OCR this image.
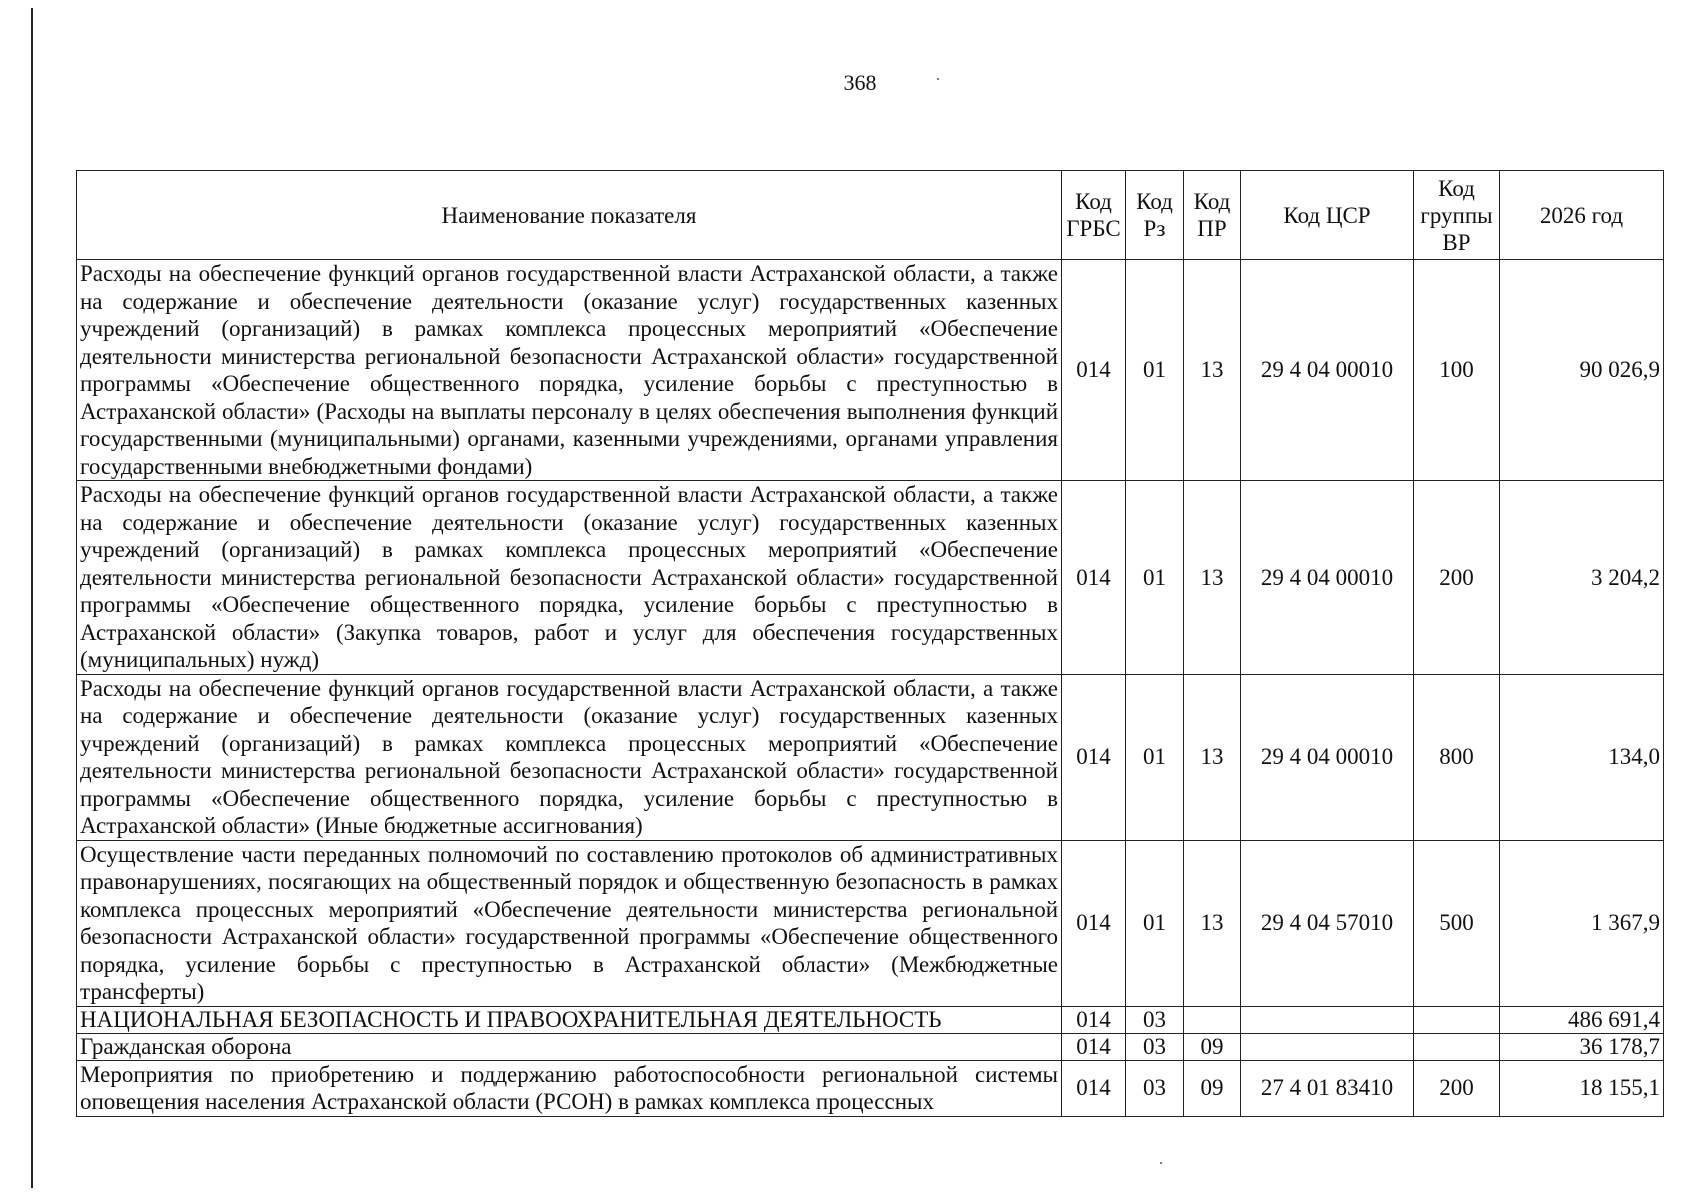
368
Наименование показателя	Код ГРБС	Код Рз	Код ПР	Код ЦСР	Код группы ВР	2026 год
Расходы на обеспечение функций органов государственной власти Астраханской области, а также на содержание и обеспечение деятельности (оказание услуг) государственных казенных учреждений (организаций) в рамках комплекса процессных мероприятий «Обеспечение деятельности министерства региональной безопасности Астраханской области» государственной программы «Обеспечение общественного порядка, усиление борьбы с преступностью в Астраханской области» (Расходы на выплаты персоналу в целях обеспечения выполнения функций государственными (муниципальными) органами, казенными учреждениями, органами управления государственными внебюджетными фондами)	014	01	13	29 4 04 00010	100	90 026,9
Расходы на обеспечение функций органов государственной власти Астраханской области, а также на содержание и обеспечение деятельности (оказание услуг) государственных казенных учреждений (организаций) в рамках комплекса процессных мероприятий «Обеспечение деятельности министерства региональной безопасности Астраханской области» государственной программы «Обеспечение общественного порядка, усиление борьбы с преступностью в Астраханской области» (Закупка товаров, работ и услуг для обеспечения государственных (муниципальных) нужд)	014	01	13	29 4 04 00010	200	3 204,2
Расходы на обеспечение функций органов государственной власти Астраханской области, а также на содержание и обеспечение деятельности (оказание услуг) государственных казенных учреждений (организаций) в рамках комплекса процессных мероприятий «Обеспечение деятельности министерства региональной безопасности Астраханской области» государственной программы «Обеспечение общественного порядка, усиление борьбы с преступностью в Астраханской области» (Иные бюджетные ассигнования)	014	01	13	29 4 04 00010	800	134,0
Осуществление части переданных полномочий по составлению протоколов об административных правонарушениях, посягающих на общественный порядок и общественную безопасность в рамках комплекса процессных мероприятий «Обеспечение деятельности министерства региональной безопасности Астраханской области» государственной программы «Обеспечение общественного порядка, усиление борьбы с преступностью в Астраханской области» (Межбюджетные трансферты)	014	01	13	29 4 04 57010	500	1 367,9
НАЦИОНАЛЬНАЯ БЕЗОПАСНОСТЬ И ПРАВООХРАНИТЕЛЬНАЯ ДЕЯТЕЛЬНОСТЬ	014	03				486 691,4
Гражданская оборона	014	03	09			36 178,7
Мероприятия по приобретению и поддержанию работоспособности региональной системы оповещения населения Астраханской области (РСОН) в рамках комплекса процессных	014	03	09	27 4 01 83410	200	18 155,1
